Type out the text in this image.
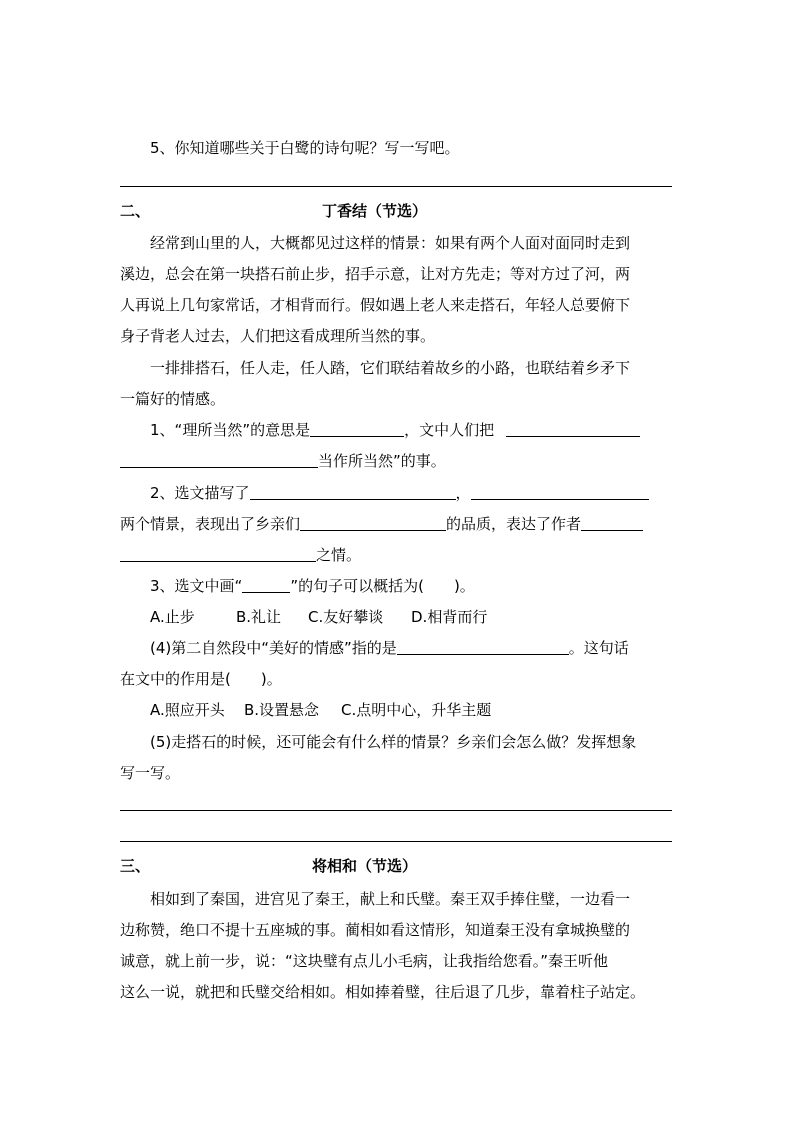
5、你知道哪些关于白鹭的诗句呢？写一写吧。
二、	丁香结（节选）
经常到山里的人，大概都见过这样的情景：如果有两个人面对面同时走到
溪边，总会在第一块搭石前止步，招手示意，让对方先走；等对方过了河，两
人再说上几句家常话，才相背而行。假如遇上老人来走搭石，年轻人总要俯下
身子背老人过去，人们把这看成理所当然的事。
一排排搭石，任人走，任人踏，它们联结着故乡的小路，也联结着乡矛下
一篇好的情感。
1、“理所当然”的意思是	，文中人们把
当作所当然”的事。
2、选文描写了	，
两个情景，表现出了乡亲们	的品质，表达了作者
之情。
3、选文中画“	”的句子可以概括为(　　)。
A.止步	B.礼让 C.友好攀谈 D.相背而行
(4)第二自然段中“美好的情感”指的是	。这句话
在文中的作用是(　　)。
A.照应开头 B.设置悬念 C.点明中心，升华主题
(5)走搭石的时候，还可能会有什么样的情景？乡亲们会怎么做？发挥想象
写一写。
三、	将相和（节选）
相如到了秦国，进宫见了秦王，献上和氏璧。秦王双手捧住璧，一边看一
边称赞，绝口不提十五座城的事。蔺相如看这情形，知道秦王没有拿城换璧的
诚意，就上前一步，说：“这块璧有点儿小毛病，让我指给您看。”秦王听他
这么一说，就把和氏璧交给相如。相如捧着璧，往后退了几步，靠着柱子站定。
